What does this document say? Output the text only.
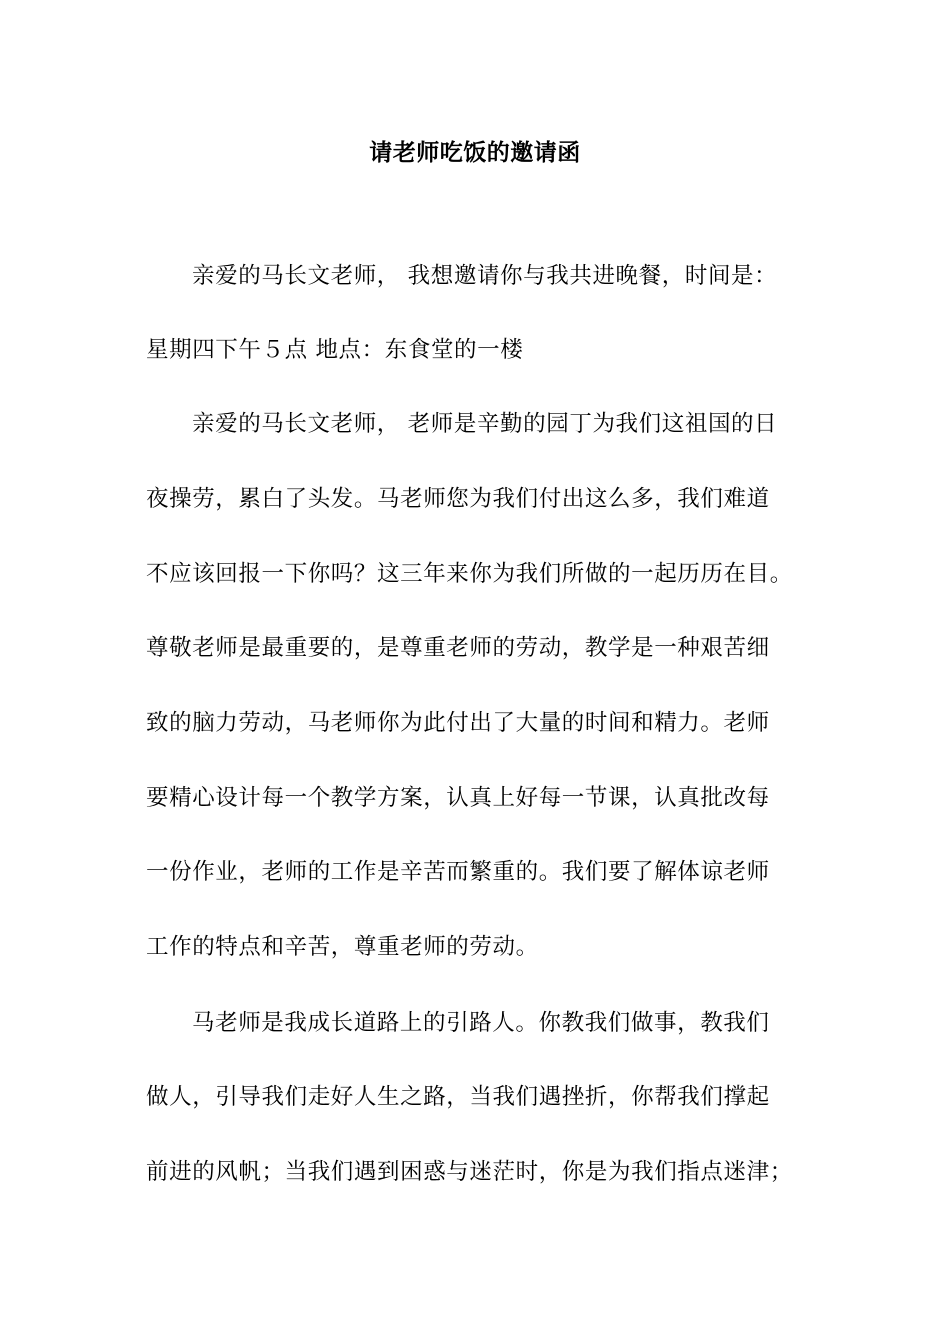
请老师吃饭的邀请函
亲爱的马长文老师， 我想邀请你与我共进晚餐，时间是：
星期四下午５点 地点：东食堂的一楼
亲爱的马长文老师， 老师是辛勤的园丁为我们这祖国的日
夜操劳，累白了头发。马老师您为我们付出这么多，我们难道
不应该回报一下你吗？这三年来你为我们所做的一起历历在目。
尊敬老师是最重要的，是尊重老师的劳动，教学是一种艰苦细
致的脑力劳动，马老师你为此付出了大量的时间和精力。老师
要精心设计每一个教学方案，认真上好每一节课，认真批改每
一份作业，老师的工作是辛苦而繁重的。我们要了解体谅老师
工作的特点和辛苦，尊重老师的劳动。
马老师是我成长道路上的引路人。你教我们做事，教我们
做人，引导我们走好人生之路，当我们遇挫折，你帮我们撑起
前进的风帆；当我们遇到困惑与迷茫时，你是为我们指点迷津；
